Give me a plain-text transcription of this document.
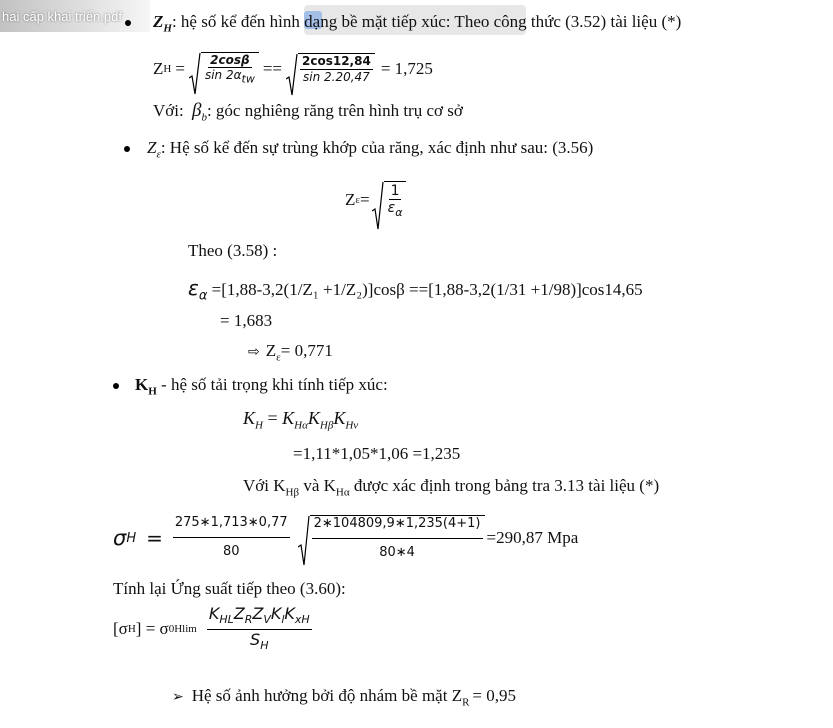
hai cấp khai triển.pdf $Z_H$: hệ số kể đến hình dạng bề mặt tiếp xúc: Theo công thức (3.52) tài liệu (*)
Z $H = \frac{2\cos\beta}{\sin 2\alpha_{tw}} == \frac{2\cos 12,84}{\sin 2.20,47} = 1,725$
Với: $\beta_b$: góc nghiêng răng trên hình trụ cơ sở
$Z_\varepsilon$: Hệ số kể đến sự trùng khớp của răng, xác định như sau: (3.56)
Z $\varepsilon = \frac{1}{\varepsilon_\alpha}$
Theo (3.58) :
$\varepsilon_\alpha =[1,88-3,2(1/Z_1 +1/Z_2)]\cos\beta ==[1,88-3,2(1/31 +1/98)]\cos 14,65$
= 1,683
⇨ $Z_\varepsilon= 0,771$
$K_H$ - hệ số tải trọng khi tính tiếp xúc:
$K_H = K_{H\alpha}K_{H\beta}K_{Hv}$
=1,11*1,05*1,06 =1,235
Với $K_{H\beta}$ và $K_{H\alpha}$ được xác định trong bảng tra 3.13 tài liệu (*)
σ $H = \frac{275∗1,713∗0,77}{80} \frac{2∗104809,9∗1,235(4+1)}{80∗4} =290,87$ Mpa
Tính lại Ứng suất tiếp theo (3.60):
[σ H ] = σ $0Hlim \frac{K_{HL}Z_RZ_VK_lK_{xH}}{S_H}$
➢ Hệ số ảnh hưởng bởi độ nhám bề mặt $Z_R = 0,95$
